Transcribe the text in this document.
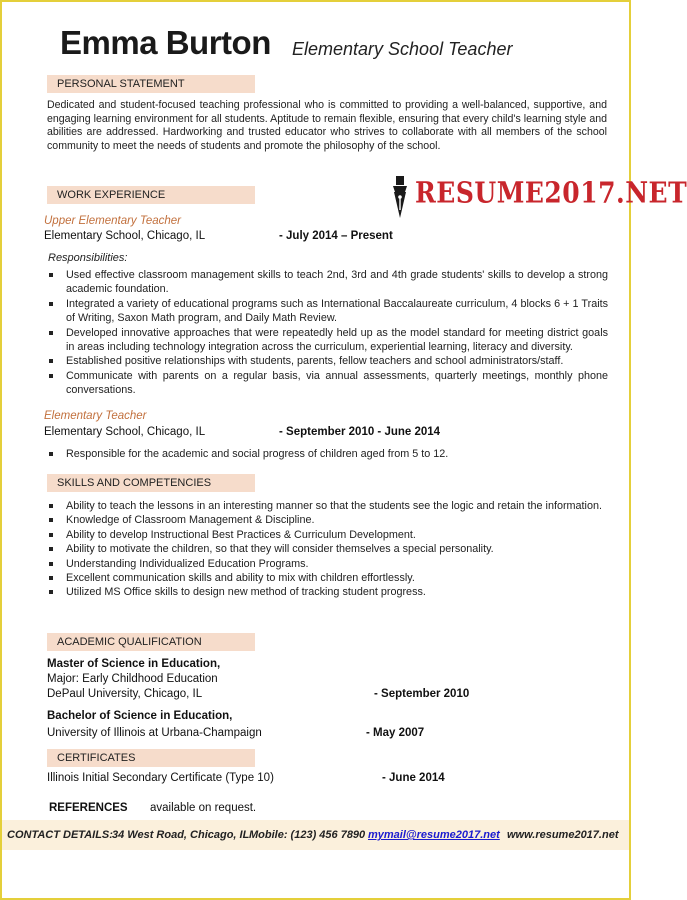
Emma Burton Elementary School Teacher
PERSONAL STATEMENT
Dedicated and student-focused teaching professional who is committed to providing a well-balanced, supportive, and engaging learning environment for all students. Aptitude to remain flexible, ensuring that every child's learning style and abilities are addressed. Hardworking and trusted educator who strives to collaborate with all members of the school community to meet the needs of students and promote the philosophy of the school.
WORK EXPERIENCE	RESUME2017.NET
Upper Elementary Teacher
Elementary School, Chicago, IL	- July 2014 – Present
Responsibilities:
Used effective classroom management skills to teach 2nd, 3rd and 4th grade students' skills to develop a strong academic foundation.
Integrated a variety of educational programs such as International Baccalaureate curriculum, 4 blocks 6 + 1 Traits of Writing, Saxon Math program, and Daily Math Review.
Developed innovative approaches that were repeatedly held up as the model standard for meeting district goals in areas including technology integration across the curriculum, experiential learning, literacy and diversity.
Established positive relationships with students, parents, fellow teachers and school administrators/staff.
Communicate with parents on a regular basis, via annual assessments, quarterly meetings, monthly phone conversations.
Elementary Teacher
Elementary School, Chicago, IL	- September 2010 - June 2014
Responsible for the academic and social progress of children aged from 5 to 12.
SKILLS AND COMPETENCIES
Ability to teach the lessons in an interesting manner so that the students see the logic and retain the information.
Knowledge of Classroom Management & Discipline.
Ability to develop Instructional Best Practices & Curriculum Development.
Ability to motivate the children, so that they will consider themselves a special personality.
Understanding Individualized Education Programs.
Excellent communication skills and ability to mix with children effortlessly.
Utilized MS Office skills to design new method of tracking student progress.
ACADEMIC QUALIFICATION
Master of Science in Education,
Major: Early Childhood Education
DePaul University, Chicago, IL	- September 2010
Bachelor of Science in Education,
University of Illinois at Urbana-Champaign	- May 2007
CERTIFICATES
Illinois Initial Secondary Certificate (Type 10)	- June 2014
REFERENCES available on request.
CONTACT DETAILS: 34 West Road, Chicago, IL Mobile: (123) 456 7890 mymail@resume2017.net www.resume2017.net
